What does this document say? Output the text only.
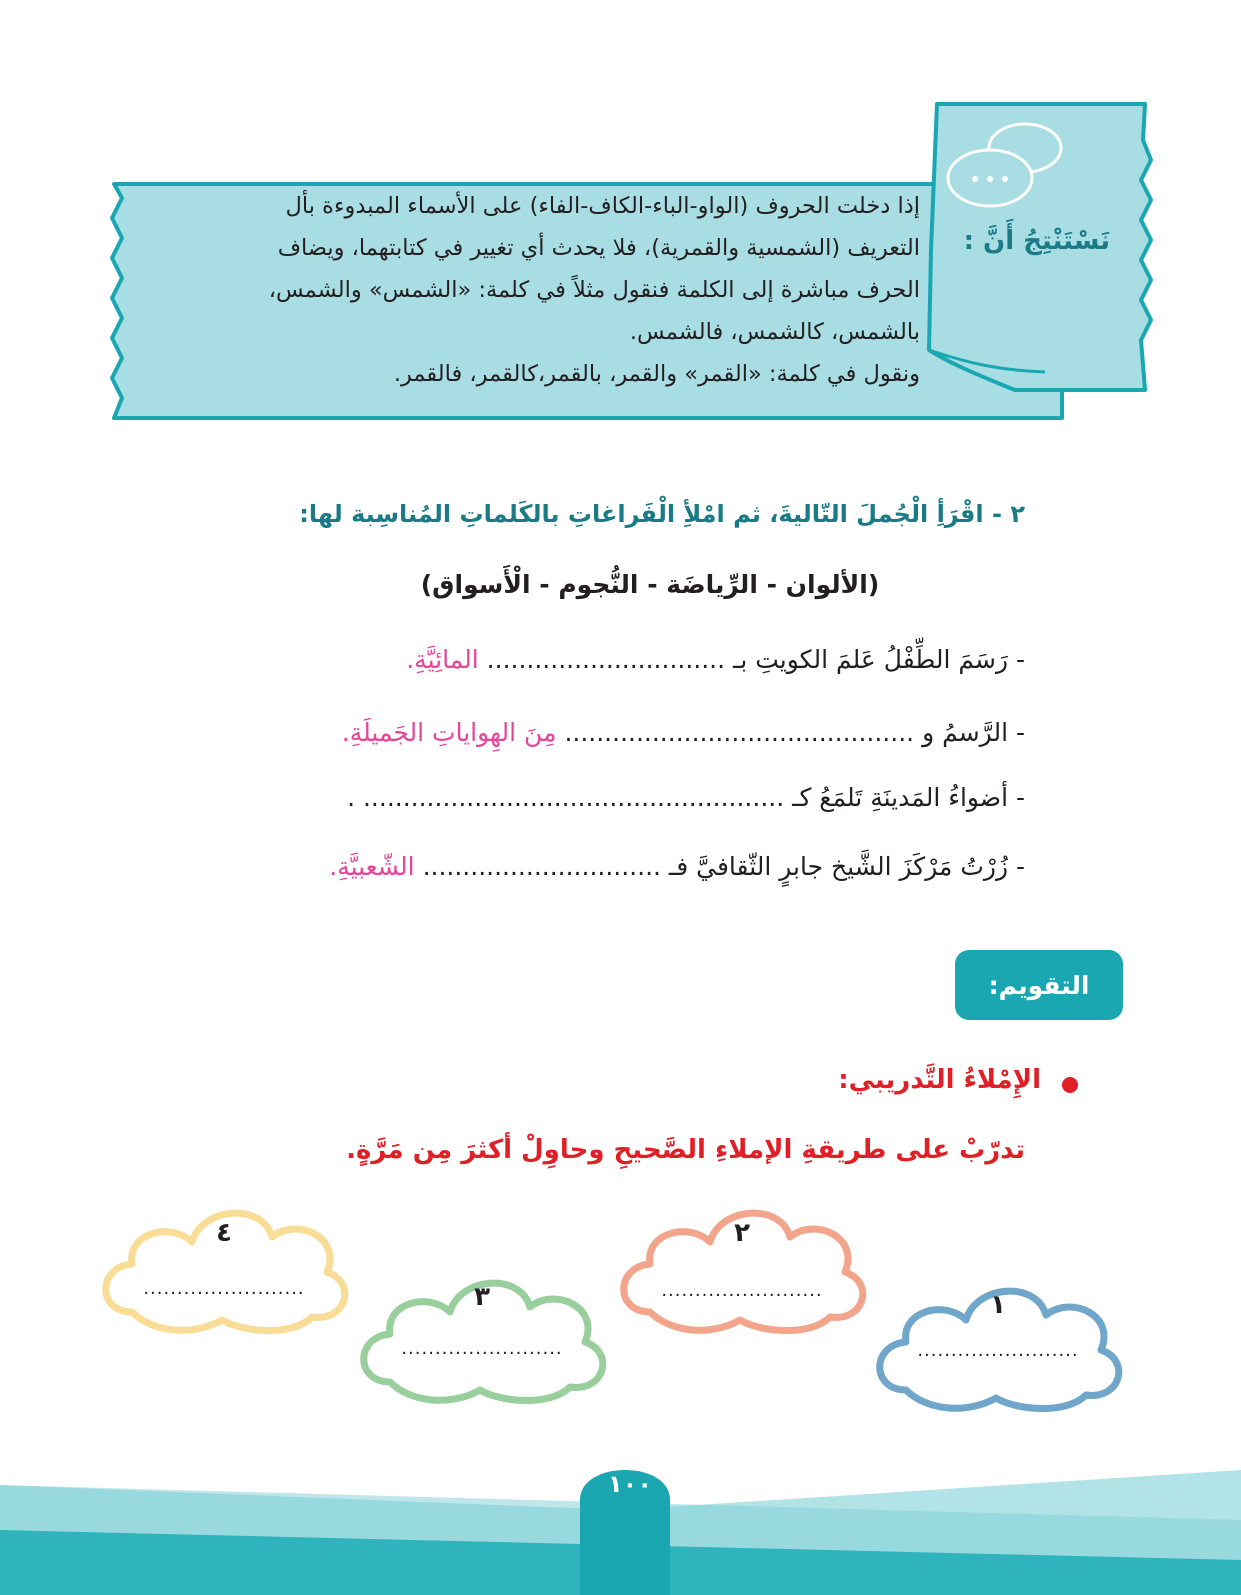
نَسْتَنْتِجُ أَنَّ :
إذا دخلت الحروف (الواو-الباء-الكاف-الفاء) على الأسماء المبدوءة بأل
التعريف (الشمسية والقمرية)، فلا يحدث أي تغيير في كتابتهما، ويضاف
الحرف مباشرة إلى الكلمة فنقول مثلاً في كلمة: «الشمس» والشمس،
بالشمس، كالشمس، فالشمس.
ونقول في كلمة: «القمر» والقمر، بالقمر،كالقمر، فالقمر.
٢ - اقْرَأِ الْجُملَ التّاليةَ، ثم امْلأِ الْفَراغاتِ بالكَلماتِ المُناسِبة لها:
(الألوان - الرِّياضَة - النُّجوم - الْأَسواق)
- رَسَمَ الطِّفْلُ عَلمَ الكويتِ بـ .............................. المائِيَّةِ.
- الرَّسمُ و ............................................ مِنَ الهِواياتِ الجَميلَةِ.
- أضواءُ المَدينَةِ تَلمَعُ كـ ..................................................... .
- زُرْتُ مَرْكَزَ الشَّيخ جابرٍ الثّقافيَّ فـ .............................. الشّعبيَّةِ.
التقويم:
الإِمْلاءُ التَّدريبي:
تدرّبْ على طريقةِ الإملاءِ الصَّحيحِ وحاوِلْ أكثرَ مِن مَرَّةٍ.
١
........................
٢
........................
٣
........................
٤
........................
١٠٠
